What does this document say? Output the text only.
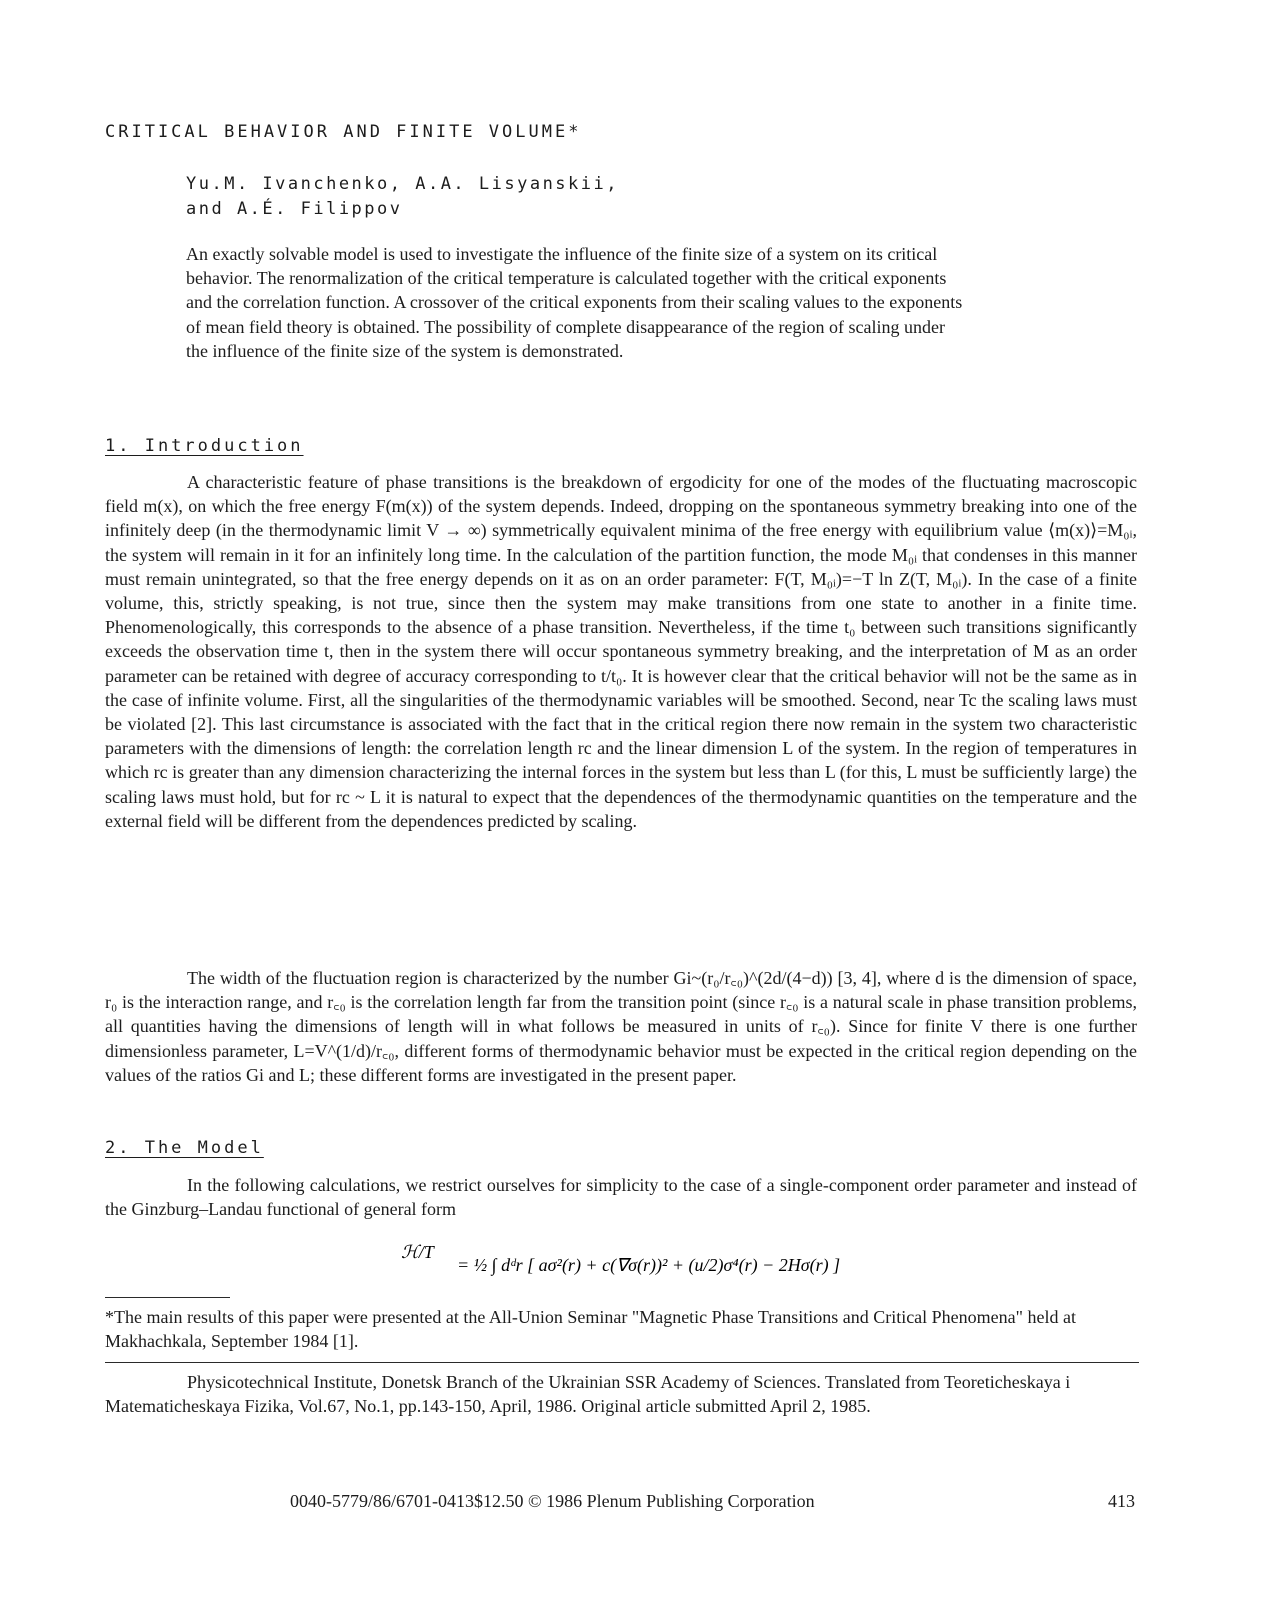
CRITICAL BEHAVIOR AND FINITE VOLUME*
Yu.M. Ivanchenko, A.A. Lisyanskii,
and A.É. Filippov
An exactly solvable model is used to investigate the influence of the finite size of a system on its critical behavior. The renormalization of the critical temperature is calculated together with the critical exponents and the correlation function. A crossover of the critical exponents from their scaling values to the exponents of mean field theory is obtained. The possibility of complete disappearance of the region of scaling under the influence of the finite size of the system is demonstrated.
1. Introduction
A characteristic feature of phase transitions is the breakdown of ergodicity for one of the modes of the fluctuating macroscopic field m(x), on which the free energy F(m(x)) of the system depends. Indeed, dropping on the spontaneous symmetry breaking into one of the infinitely deep (in the thermodynamic limit V → ∞) symmetrically equivalent minima of the free energy with equilibrium value ⟨m(x)⟩=M₀ᵢ, the system will remain in it for an infinitely long time. In the calculation of the partition function, the mode M₀ᵢ that condenses in this manner must remain unintegrated, so that the free energy depends on it as on an order parameter: F(T, M₀ᵢ)=−T ln Z(T, M₀ᵢ). In the case of a finite volume, this, strictly speaking, is not true, since then the system may make transitions from one state to another in a finite time. Phenomenologically, this corresponds to the absence of a phase transition. Nevertheless, if the time t₀ between such transitions significantly exceeds the observation time t, then in the system there will occur spontaneous symmetry breaking, and the interpretation of M as an order parameter can be retained with degree of accuracy corresponding to t/t₀. It is however clear that the critical behavior will not be the same as in the case of infinite volume. First, all the singularities of the thermodynamic variables will be smoothed. Second, near Tc the scaling laws must be violated [2]. This last circumstance is associated with the fact that in the critical region there now remain in the system two characteristic parameters with the dimensions of length: the correlation length rc and the linear dimension L of the system. In the region of temperatures in which rc is greater than any dimension characterizing the internal forces in the system but less than L (for this, L must be sufficiently large) the scaling laws must hold, but for rc ~ L it is natural to expect that the dependences of the thermodynamic quantities on the temperature and the external field will be different from the dependences predicted by scaling.
The width of the fluctuation region is characterized by the number Gi~(r₀/r꜀₀)^(2d/(4−d)) [3, 4], where d is the dimension of space, r₀ is the interaction range, and r꜀₀ is the correlation length far from the transition point (since r꜀₀ is a natural scale in phase transition problems, all quantities having the dimensions of length will in what follows be measured in units of r꜀₀). Since for finite V there is one further dimensionless parameter, L=V^(1/d)/r꜀₀, different forms of thermodynamic behavior must be expected in the critical region depending on the values of the ratios Gi and L; these different forms are investigated in the present paper.
2. The Model
In the following calculations, we restrict ourselves for simplicity to the case of a single-component order parameter and instead of the Ginzburg–Landau functional of general form
ℋ/T
= ½ ∫ dᵈr [ aσ²(r) + c(∇σ(r))² + (u/2)σ⁴(r) − 2Hσ(r) ]
*The main results of this paper were presented at the All-Union Seminar "Magnetic Phase Transitions and Critical Phenomena" held at Makhachkala, September 1984 [1].
Physicotechnical Institute, Donetsk Branch of the Ukrainian SSR Academy of Sciences. Translated from Teoreticheskaya i Matematicheskaya Fizika, Vol.67, No.1, pp.143-150, April, 1986. Original article submitted April 2, 1985.
0040-5779/86/6701-0413$12.50 © 1986 Plenum Publishing Corporation	413
